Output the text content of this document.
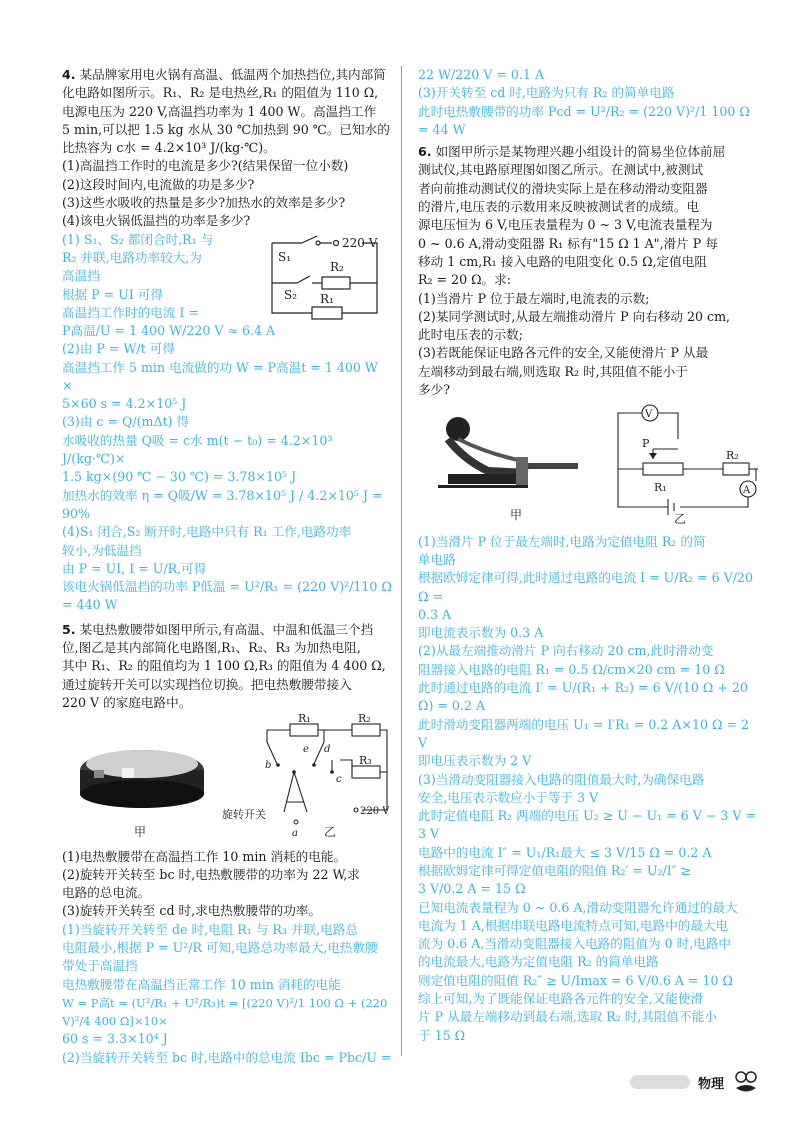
4. 某品牌家用电火锅有高温、低温两个加热挡位,其内部简

化电路如图所示。R₁、R₂ 是电热丝,R₁ 的阻值为 110 Ω,

电源电压为 220 V,高温挡功率为 1 400 W。高温挡工作

5 min,可以把 1.5 kg 水从 30 ℃加热到 90 ℃。已知水的

比热容为 c水 = 4.2×10³ J/(kg·℃)。

(1)高温挡工作时的电流是多少?(结果保留一位小数)

(2)这段时间内,电流做的功是多少?

(3)这些水吸收的热量是多少?加热水的效率是多少?

(4)该电火锅低温挡的功率是多少?

(1) S₁、S₂ 都闭合时,R₁ 与

R₂ 并联,电路功率较大,为

高温挡

根据 P = UI 可得

220 V
S₁
S₂
R₂
R₁

高温挡工作时的电流 I =

P高温/U = 1 400 W/220 V ≈ 6.4 A

(2)由 P = W/t 可得

高温挡工作 5 min 电流做的功 W = P高温t = 1 400 W ×

5×60 s = 4.2×10⁵ J

(3)由 c = Q/(mΔt) 得

水吸收的热量 Q吸 = c水 m(t − t₀) = 4.2×10³ J/(kg·℃)×

1.5 kg×(90 ℃ − 30 ℃) = 3.78×10⁵ J

加热水的效率 η = Q吸/W = 3.78×10⁵ J / 4.2×10⁵ J = 90%

(4)S₁ 闭合,S₂ 断开时,电路中只有 R₁ 工作,电路功率

较小,为低温挡

由 P = UI, I = U/R,可得

该电火锅低温挡的功率 P低温 = U²/R₁ = (220 V)²/110 Ω = 440 W

5. 某电热敷腰带如图甲所示,有高温、中温和低温三个挡

位,图乙是其内部简化电路图,R₁、R₂、R₃ 为加热电阻,

其中 R₁、R₂ 的阻值均为 1 100 Ω,R₃ 的阻值为 4 400 Ω,

通过旋转开关可以实现挡位切换。把电热敷腰带接入

220 V 的家庭电路中。

甲
R₁	R₂
R₃
e d
b
c
a
旋转开关	220 V
乙

(1)电热敷腰带在高温挡工作 10 min 消耗的电能。

(2)旋转开关转至 bc 时,电热敷腰带的功率为 22 W,求

电路的总电流。

(3)旋转开关转至 cd 时,求电热敷腰带的功率。

(1)当旋转开关转至 de 时,电阻 R₁ 与 R₃ 并联,电路总

电阻最小,根据 P = U²/R 可知,电路总功率最大,电热敷腰

带处于高温挡

电热敷腰带在高温挡正常工作 10 min 消耗的电能

W = P高t = (U²/R₁ + U²/R₃)t = [(220 V)²/1 100 Ω + (220 V)²/4 400 Ω]×10×

60 s = 3.3×10⁴ J

(2)当旋转开关转至 bc 时,电路中的总电流 Ibc = Pbc/U =

22 W/220 V = 0.1 A

(3)开关转至 cd 时,电路为只有 R₂ 的简单电路

此时电热敷腰带的功率 Pcd = U²/R₂ = (220 V)²/1 100 Ω = 44 W

6. 如图甲所示是某物理兴趣小组设计的简易坐位体前屈

测试仪,其电路原理图如图乙所示。在测试中,被测试

者向前推动测试仪的滑块实际上是在移动滑动变阻器

的滑片,电压表的示数用来反映被测试者的成绩。电

源电压恒为 6 V,电压表量程为 0 ~ 3 V,电流表量程为

0 ~ 0.6 A,滑动变阻器 R₁ 标有"15 Ω 1 A",滑片 P 每

移动 1 cm,R₁ 接入电路的电阻变化 0.5 Ω,定值电阻

R₂ = 20 Ω。求:

(1)当滑片 P 位于最左端时,电流表的示数;

(2)某同学测试时,从最左端推动滑片 P 向右移动 20 cm,

此时电压表的示数;

(3)若既能保证电路各元件的安全,又能使滑片 P 从最

左端移动到最右端,则选取 R₂ 时,其阻值不能小于

多少?

甲
V
A
P
R₁
R₂
乙

(1)当滑片 P 位于最左端时,电路为定值电阻 R₂ 的简

单电路

根据欧姆定律可得,此时通过电路的电流 I = U/R₂ = 6 V/20 Ω =

0.3 A

即电流表示数为 0.3 A

(2)从最左端推动滑片 P 向右移动 20 cm,此时滑动变

阻器接入电路的电阻 R₁ = 0.5 Ω/cm×20 cm = 10 Ω

此时通过电路的电流 I′ = U/(R₁ + R₂) = 6 V/(10 Ω + 20 Ω) = 0.2 A

此时滑动变阻器两端的电压 U₁ = I′R₁ = 0.2 A×10 Ω = 2 V

即电压表示数为 2 V

(3)当滑动变阻器接入电路的阻值最大时,为确保电路

安全,电压表示数应小于等于 3 V

此时定值电阻 R₂ 两端的电压 U₂ ≥ U − U₁ = 6 V − 3 V = 3 V

电路中的电流 I″ = U₁/R₁最大 ≤ 3 V/15 Ω = 0.2 A

根据欧姆定律可得定值电阻的阻值 R₂′ = U₂/I″ ≥

3 V/0.2 A = 15 Ω

已知电流表量程为 0 ~ 0.6 A,滑动变阻器允许通过的最大

电流为 1 A,根据串联电路电流特点可知,电路中的最大电

流为 0.6 A,当滑动变阻器接入电路的阻值为 0 时,电路中

的电流最大,电路为定值电阻 R₂ 的简单电路

则定值电阻的阻值 R₂″ ≥ U/Imax = 6 V/0.6 A = 10 Ω

综上可知,为了既能保证电路各元件的安全,又能使滑

片 P 从最左端移动到最右端,选取 R₂ 时,其阻值不能小

于 15 Ω

物理
